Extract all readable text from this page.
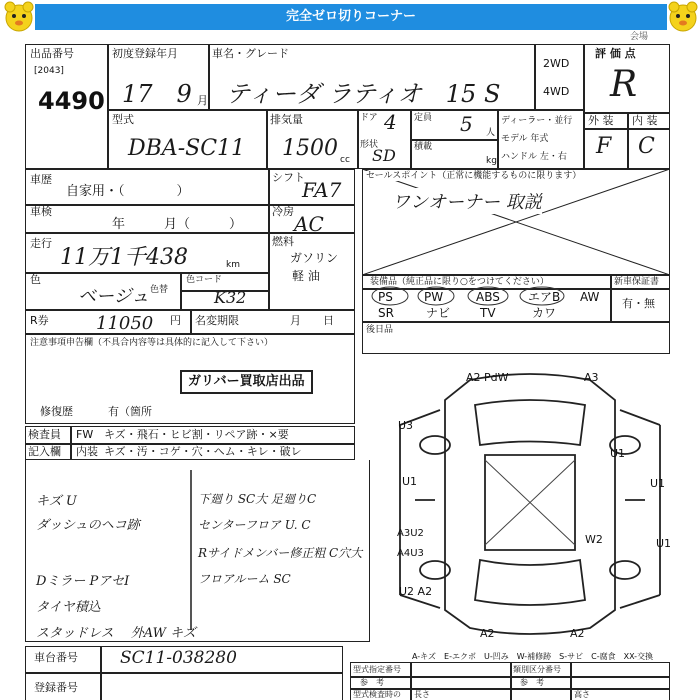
完全ゼロ切りコーナー
会場
出品番号
[2043]
4490
初度登録年月
17　9 月
車名・グレード
ティーダ ラティオ　15 S
2WD
4WD
評 価 点
R
型式
DBA-SC11
排気量
1500 cc
ドア 4
形状
SD
定員 5 人
積載
kg
ディーラー・並行
モデル 年式
ハンドル 左・右
外 装 内 装
F C
車歴
自家用・（　　　　）
シフト
FA7
車検
年　　　月（　　　）
冷房
AC
走行
11万1千438	km
燃料
ガソリン
軽 油
色
ベージュ 色替
色コード
K32
R券	11050 円 名変期限	月　　日
セールスポイント（正常に機能するものに限ります）
ワンオーナー 取説
装備品（純正品に限り○をつけてください）	新車保証書
有・無
PS	PW	ABS エアB AW
SR	ナビ TV	カワ
後日品
注意事項申告欄（不具合内容等は具体的に記入して下さい）
ガリバー買取店出品
修復歴	有（箇所
検査員
記入欄
FW キズ・飛石・ヒビ割・リペア跡・×要
内装 キズ・汚・コゲ・穴・ヘム・キレ・破レ
キズ U
ダッシュのヘコ跡
Dミラー PアセI
タイヤ積込
スタッドレス　 外AW キズ
下廻り SC大 足廻りC
センターフロア U. C
Rサイドメンバー修正粗 C穴大
フロアルーム SC
A2 PdW	A3
U3
U1	U1
U1
U1
A3U2
A4U3
W2
U2 A2
A2	A2
A-キズ　E-エクボ　U-凹み　W-補修跡　S-サビ　C-腐食　XX-交換
車台番号 SC11-038280
登録番号
型式指定番号	類別区分番号
参　考	参　考
型式検査時の 長さ	高さ
